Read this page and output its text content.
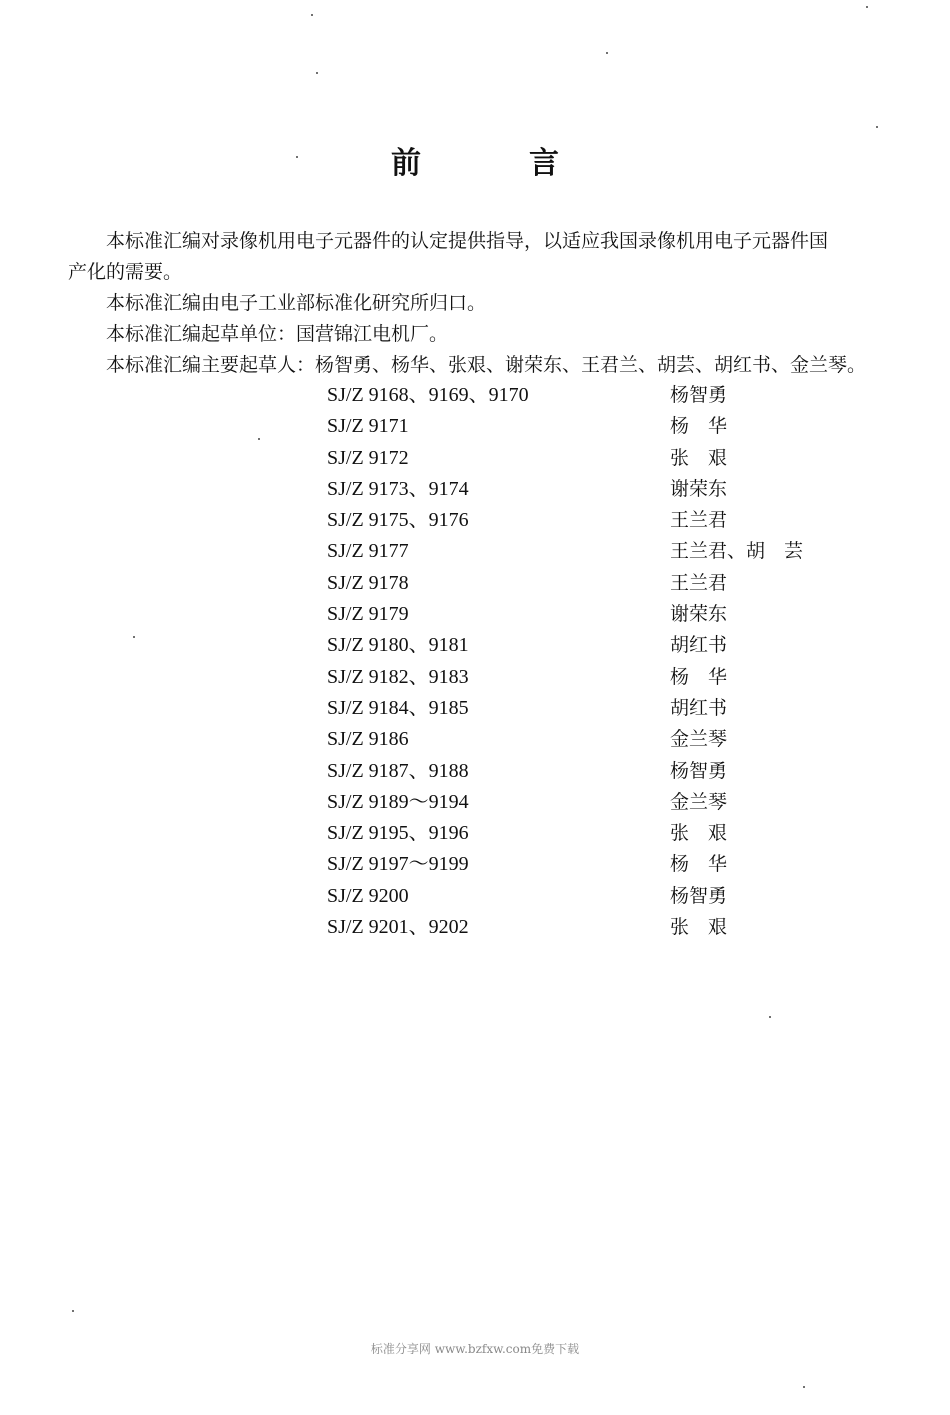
前	言
本标准汇编对录像机用电子元器件的认定提供指导，以适应我国录像机用电子元器件国
产化的需要。
本标准汇编由电子工业部标准化研究所归口。
本标准汇编起草单位：国营锦江电机厂。
本标准汇编主要起草人：杨智勇、杨华、张艰、谢荣东、王君兰、胡芸、胡红书、金兰琴。
SJ/Z 9168、9169、9170	杨智勇
SJ/Z 9171	杨　华
SJ/Z 9172	张　艰
SJ/Z 9173、9174	谢荣东
SJ/Z 9175、9176	王兰君
SJ/Z 9177	王兰君、胡　芸
SJ/Z 9178	王兰君
SJ/Z 9179	谢荣东
SJ/Z 9180、9181	胡红书
SJ/Z 9182、9183	杨　华
SJ/Z 9184、9185	胡红书
SJ/Z 9186	金兰琴
SJ/Z 9187、9188	杨智勇
SJ/Z 9189～9194	金兰琴
SJ/Z 9195、9196	张　艰
SJ/Z 9197～9199	杨　华
SJ/Z 9200	杨智勇
SJ/Z 9201、9202	张　艰
标准分享网 www.bzfxw.com免费下载
